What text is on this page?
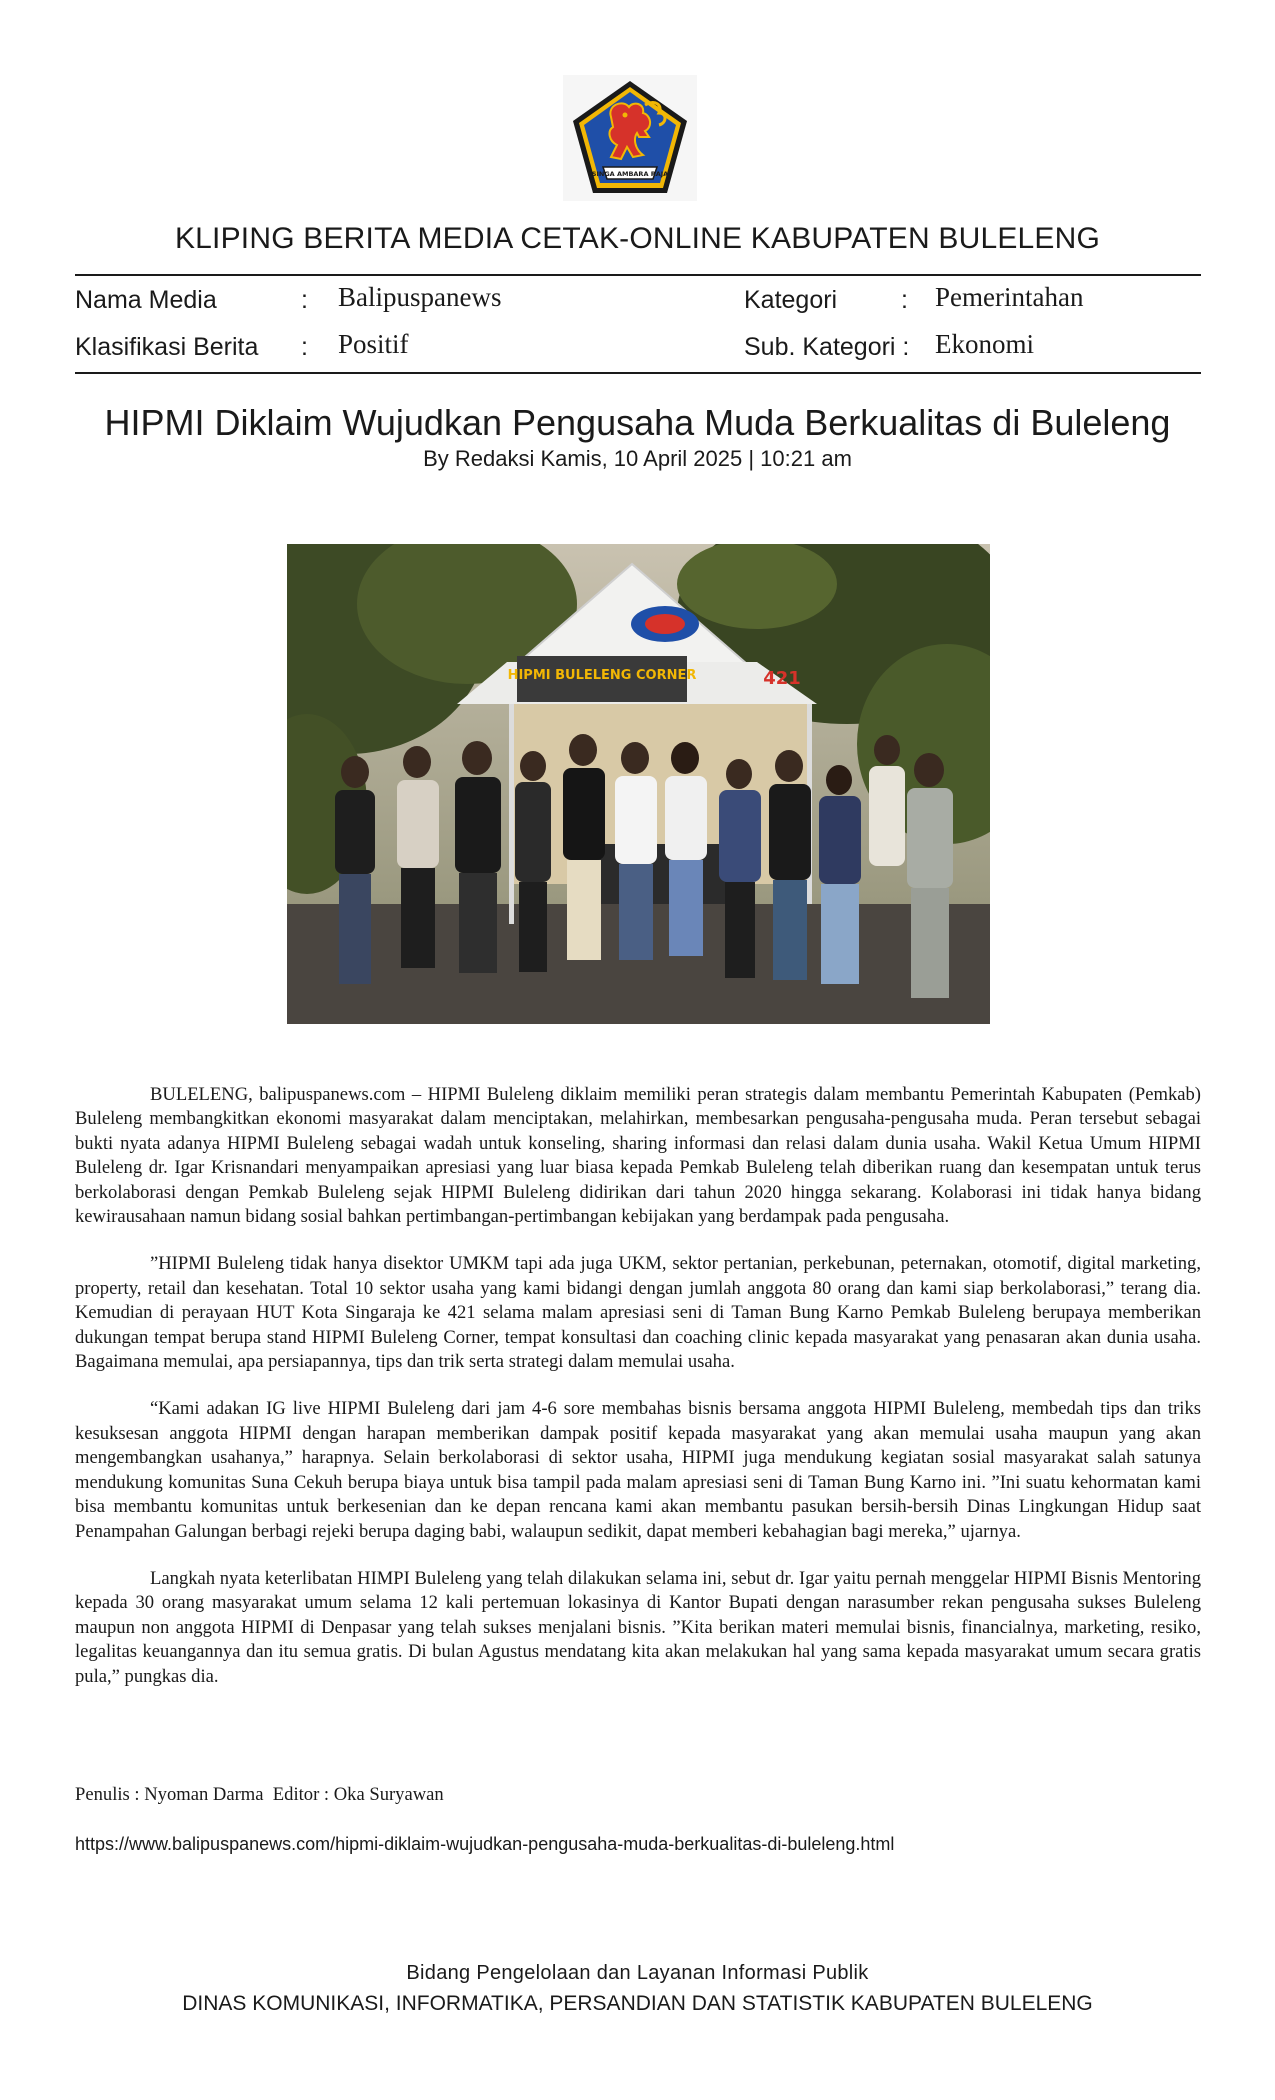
SINGA AMBARA RAJA
KLIPING BERITA MEDIA CETAK-ONLINE KABUPATEN BULELENG
Nama Media	: Balipuspanews	Kategori	: Pemerintahan
Klasifikasi Berita : Positif	Sub. Kategori : Ekonomi
HIPMI Diklaim Wujudkan Pengusaha Muda Berkualitas di Buleleng
By Redaksi Kamis, 10 April 2025 | 10:21 am
HIPMI BULELENG CORNER	421

BULELENG, balipuspanews.com – HIPMI Buleleng diklaim memiliki peran strategis dalam membantu Pemerintah Kabupaten (Pemkab) Buleleng membangkitkan ekonomi masyarakat dalam menciptakan, melahirkan, membesarkan pengusaha-pengusaha muda. Peran tersebut sebagai bukti nyata adanya HIPMI Buleleng sebagai wadah untuk konseling, sharing informasi dan relasi dalam dunia usaha. Wakil Ketua Umum HIPMI Buleleng dr. Igar Krisnandari menyampaikan apresiasi yang luar biasa kepada Pemkab Buleleng telah diberikan ruang dan kesempatan untuk terus berkolaborasi dengan Pemkab Buleleng sejak HIPMI Buleleng didirikan dari tahun 2020 hingga sekarang. Kolaborasi ini tidak hanya bidang kewirausahaan namun bidang sosial bahkan pertimbangan-pertimbangan kebijakan yang berdampak pada pengusaha.

”HIPMI Buleleng tidak hanya disektor UMKM tapi ada juga UKM, sektor pertanian, perkebunan, peternakan, otomotif, digital marketing, property, retail dan kesehatan. Total 10 sektor usaha yang kami bidangi dengan jumlah anggota 80 orang dan kami siap berkolaborasi,” terang dia. Kemudian di perayaan HUT Kota Singaraja ke 421 selama malam apresiasi seni di Taman Bung Karno Pemkab Buleleng berupaya memberikan dukungan tempat berupa stand HIPMI Buleleng Corner, tempat konsultasi dan coaching clinic kepada masyarakat yang penasaran akan dunia usaha. Bagaimana memulai, apa persiapannya, tips dan trik serta strategi dalam memulai usaha.

“Kami adakan IG live HIPMI Buleleng dari jam 4-6 sore membahas bisnis bersama anggota HIPMI Buleleng, membedah tips dan triks kesuksesan anggota HIPMI dengan harapan memberikan dampak positif kepada masyarakat yang akan memulai usaha maupun yang akan mengembangkan usahanya,” harapnya. Selain berkolaborasi di sektor usaha, HIPMI juga mendukung kegiatan sosial masyarakat salah satunya mendukung komunitas Suna Cekuh berupa biaya untuk bisa tampil pada malam apresiasi seni di Taman Bung Karno ini. ”Ini suatu kehormatan kami bisa membantu komunitas untuk berkesenian dan ke depan rencana kami akan membantu pasukan bersih-bersih Dinas Lingkungan Hidup saat Penampahan Galungan berbagi rejeki berupa daging babi, walaupun sedikit, dapat memberi kebahagian bagi mereka,” ujarnya.

Langkah nyata keterlibatan HIMPI Buleleng yang telah dilakukan selama ini, sebut dr. Igar yaitu pernah menggelar HIPMI Bisnis Mentoring kepada 30 orang masyarakat umum selama 12 kali pertemuan lokasinya di Kantor Bupati dengan narasumber rekan pengusaha sukses Buleleng maupun non anggota HIPMI di Denpasar yang telah sukses menjalani bisnis. ”Kita berikan materi memulai bisnis, financialnya, marketing, resiko, legalitas keuangannya dan itu semua gratis. Di bulan Agustus mendatang kita akan melakukan hal yang sama kepada masyarakat umum secara gratis pula,” pungkas dia.

Penulis : Nyoman Darma  Editor : Oka Suryawan
https://www.balipuspanews.com/hipmi-diklaim-wujudkan-pengusaha-muda-berkualitas-di-buleleng.html
Bidang Pengelolaan dan Layanan Informasi Publik
DINAS KOMUNIKASI, INFORMATIKA, PERSANDIAN DAN STATISTIK KABUPATEN BULELENG
